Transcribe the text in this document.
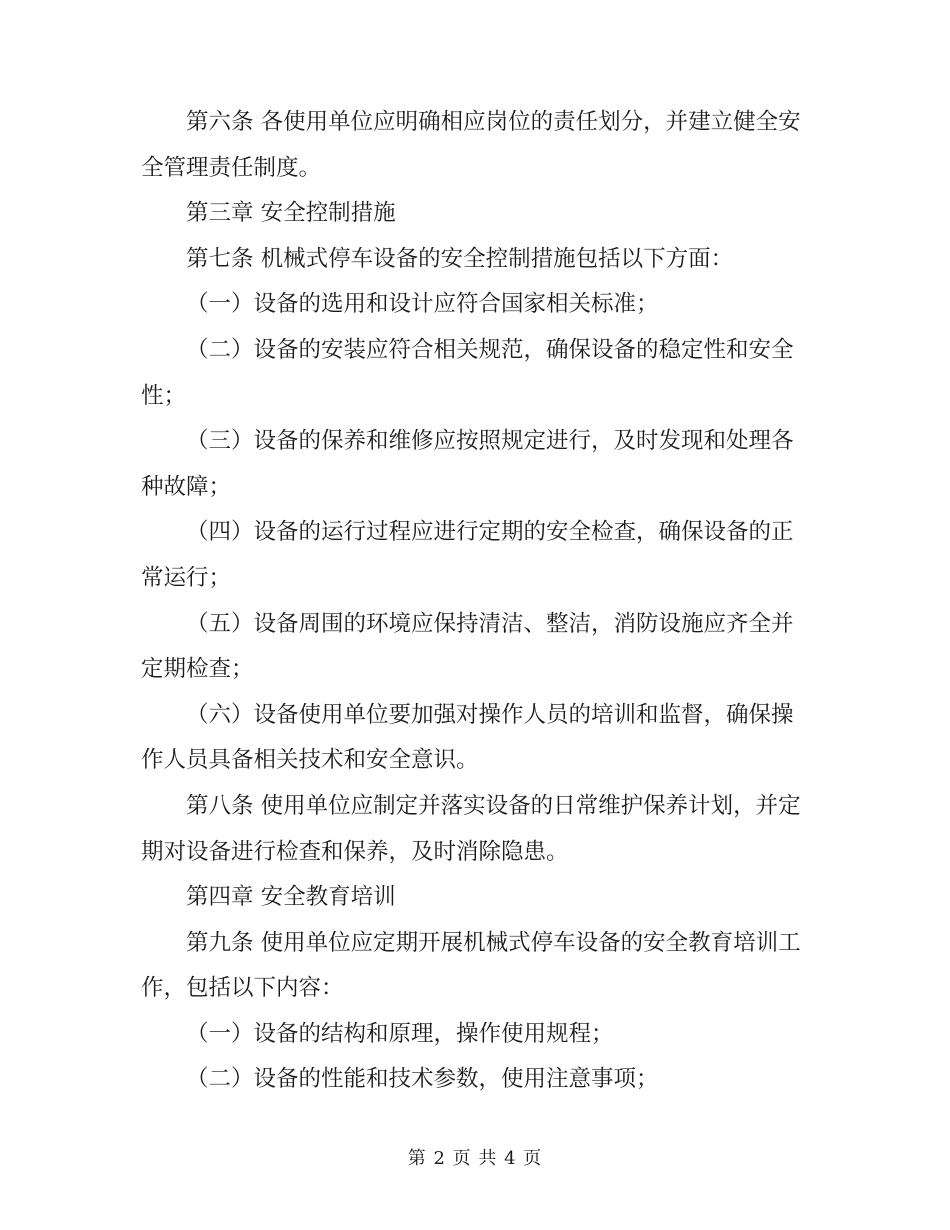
第六条 各使用单位应明确相应岗位的责任划分，并建立健全安全管理责任制度。

第三章 安全控制措施

第七条 机械式停车设备的安全控制措施包括以下方面：

（一）设备的选用和设计应符合国家相关标准；

（二）设备的安装应符合相关规范，确保设备的稳定性和安全性；

（三）设备的保养和维修应按照规定进行，及时发现和处理各种故障；

（四）设备的运行过程应进行定期的安全检查，确保设备的正常运行；

（五）设备周围的环境应保持清洁、整洁，消防设施应齐全并定期检查；

（六）设备使用单位要加强对操作人员的培训和监督，确保操作人员具备相关技术和安全意识。

第八条 使用单位应制定并落实设备的日常维护保养计划，并定期对设备进行检查和保养，及时消除隐患。

第四章 安全教育培训

第九条 使用单位应定期开展机械式停车设备的安全教育培训工作，包括以下内容：

（一）设备的结构和原理，操作使用规程；

（二）设备的性能和技术参数，使用注意事项；

第 2 页 共 4 页
